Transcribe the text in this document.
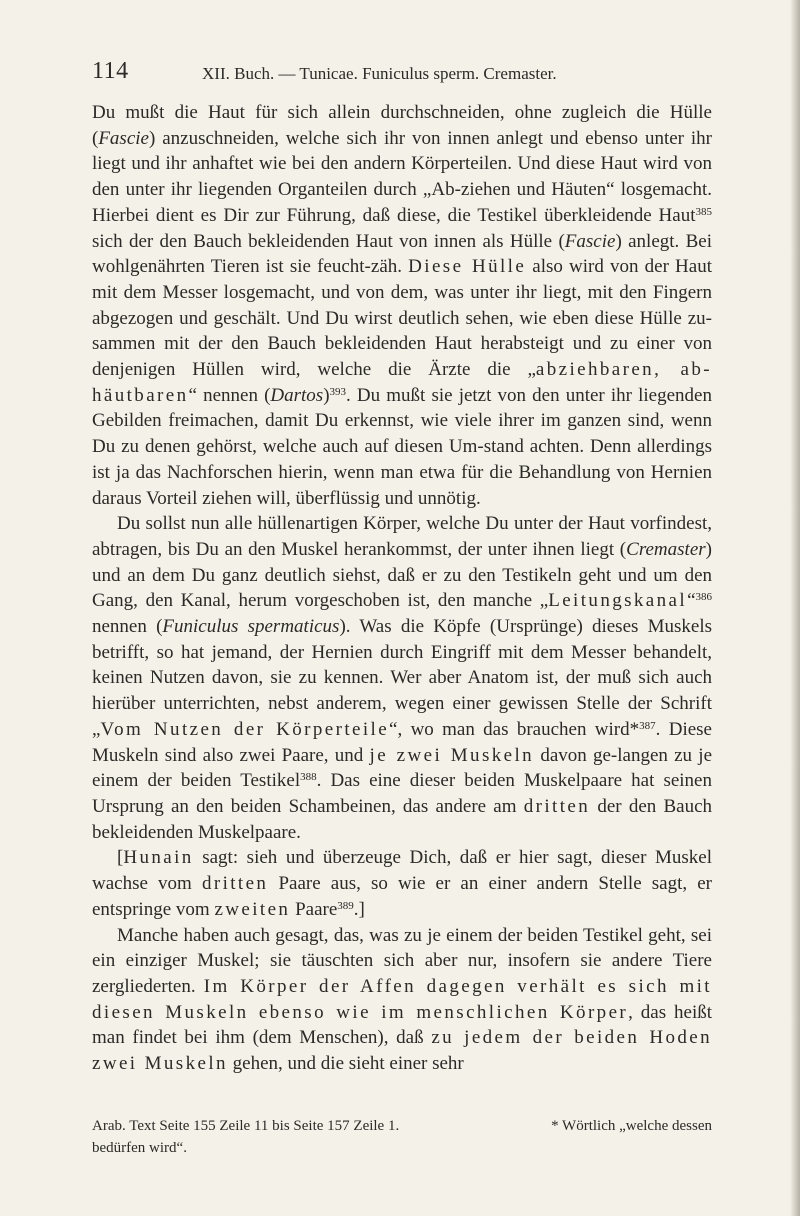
114	XII. Buch. — Tunicae. Funiculus sperm. Cremaster.

Du mußt die Haut für sich allein durchschneiden, ohne zugleich die Hülle (Fascie) anzuschneiden, welche sich ihr von innen anlegt und ebenso unter ihr liegt und ihr anhaftet wie bei den andern Körperteilen. Und diese Haut wird von den unter ihr liegenden Organteilen durch „Ab-ziehen und Häuten“ losgemacht. Hierbei dient es Dir zur Führung, daß diese, die Testikel überkleidende Haut$^{385}$ sich der den Bauch bekleidenden Haut von innen als Hülle (Fascie) anlegt. Bei wohlgenährten Tieren ist sie feucht-zäh. Diese Hülle also wird von der Haut mit dem Messer losgemacht, und von dem, was unter ihr liegt, mit den Fingern abgezogen und geschält. Und Du wirst deutlich sehen, wie eben diese Hülle zu-sammen mit der den Bauch bekleidenden Haut herabsteigt und zu einer von denjenigen Hüllen wird, welche die Ärzte die „abziehbaren, ab-häutbaren“ nennen (Dartos)$^{393}$. Du mußt sie jetzt von den unter ihr liegenden Gebilden freimachen, damit Du erkennst, wie viele ihrer im ganzen sind, wenn Du zu denen gehörst, welche auch auf diesen Um-stand achten. Denn allerdings ist ja das Nachforschen hierin, wenn man etwa für die Behandlung von Hernien daraus Vorteil ziehen will, überflüssig und unnötig.

Du sollst nun alle hüllenartigen Körper, welche Du unter der Haut vorfindest, abtragen, bis Du an den Muskel herankommst, der unter ihnen liegt (Cremaster) und an dem Du ganz deutlich siehst, daß er zu den Testikeln geht und um den Gang, den Kanal, herum vorgeschoben ist, den manche „Leitungskanal“$^{386}$ nennen (Funiculus spermaticus). Was die Köpfe (Ursprünge) dieses Muskels betrifft, so hat jemand, der Hernien durch Eingriff mit dem Messer behandelt, keinen Nutzen davon, sie zu kennen. Wer aber Anatom ist, der muß sich auch hierüber unterrichten, nebst anderem, wegen einer gewissen Stelle der Schrift „Vom Nutzen der Körperteile“, wo man das brauchen wird*$^{387}$. Diese Muskeln sind also zwei Paare, und je zwei Muskeln davon ge-langen zu je einem der beiden Testikel$^{388}$. Das eine dieser beiden Muskelpaare hat seinen Ursprung an den beiden Schambeinen, das andere am dritten der den Bauch bekleidenden Muskelpaare.

[Hunain sagt: sieh und überzeuge Dich, daß er hier sagt, dieser Muskel wachse vom dritten Paare aus, so wie er an einer andern Stelle sagt, er entspringe vom zweiten Paare$^{389}$.]

Manche haben auch gesagt, das, was zu je einem der beiden Testikel geht, sei ein einziger Muskel; sie täuschten sich aber nur, insofern sie andere Tiere zergliederten. Im Körper der Affen dagegen verhält es sich mit diesen Muskeln ebenso wie im menschlichen Körper, das heißt man findet bei ihm (dem Menschen), daß zu jedem der beiden Hoden zwei Muskeln gehen, und die sieht einer sehr

Arab. Text Seite 155 Zeile 11 bis Seite 157 Zeile 1.	* Wörtlich „welche dessen
bedürfen wird“.
